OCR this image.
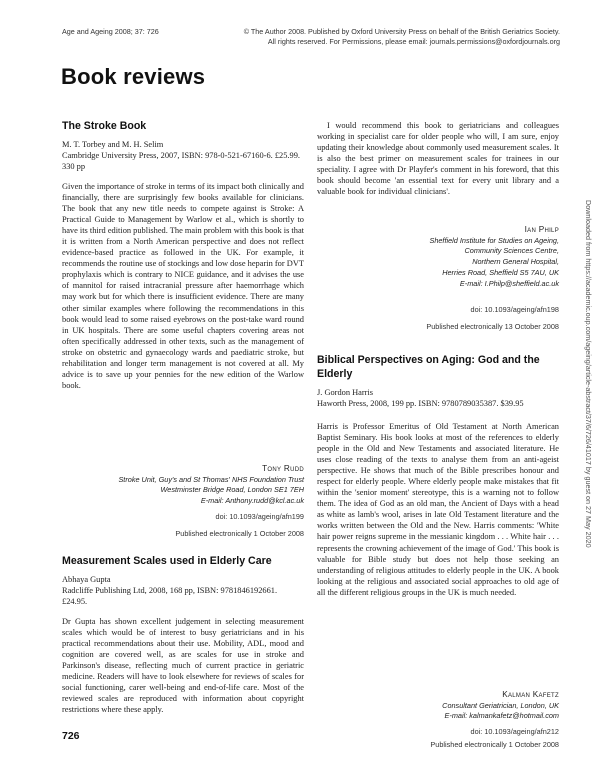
Age and Ageing 2008; 37: 726	© The Author 2008. Published by Oxford University Press on behalf of the British Geriatrics Society.
All rights reserved. For Permissions, please email: journals.permissions@oxfordjournals.org
Book reviews
The Stroke Book
M. T. Torbey and M. H. Selim
Cambridge University Press, 2007, ISBN: 978-0-521-67160-6. £25.99. 330 pp

Given the importance of stroke in terms of its impact both clinically and financially, there are surprisingly few books available for clinicians. The book that any new title needs to compete against is Stroke: A Practical Guide to Management by Warlow et al., which is shortly to have its third edition published. The main problem with this book is that it is written from a North American perspective and does not reflect evidence-based practice as followed in the UK. For example, it recommends the routine use of stockings and low dose heparin for DVT prophylaxis which is contrary to NICE guidance, and it advises the use of mannitol for raised intracranial pressure after haemorrhage which may work but for which there is insufficient evidence. There are many other similar examples where following the recommendations in this book would lead to some raised eyebrows on the post-take ward round in UK hospitals. There are some useful chapters covering areas not often specifically addressed in other texts, such as the management of stroke on obstetric and gynaecology wards and paediatric stroke, but rehabilitation and longer term management is not covered at all. My advice is to save up your pennies for the new edition of the Warlow book.

Tony Rudd
Stroke Unit, Guy's and St Thomas' NHS Foundation Trust
Westminster Bridge Road, London SE1 7EH
E-mail: Anthony.rudd@kcl.ac.uk
doi: 10.1093/ageing/afn199
Published electronically 1 October 2008
Measurement Scales used in Elderly Care
Abhaya Gupta
Radcliffe Publishing Ltd, 2008, 168 pp, ISBN: 9781846192661. £24.95.

Dr Gupta has shown excellent judgement in selecting measurement scales which would be of interest to busy geriatricians and in his practical recommendations about their use. Mobility, ADL, mood and cognition are covered well, as are scales for use in stroke and Parkinson's disease, reflecting much of current practice in geriatric medicine. Readers will have to look elsewhere for reviews of scales for social functioning, carer well-being and end-of-life care. Most of the reviewed scales are reproduced with information about copyright restrictions where these apply.

I would recommend this book to geriatricians and colleagues working in specialist care for older people who will, I am sure, enjoy updating their knowledge about commonly used measurement scales. It is also the best primer on measurement scales for trainees in our speciality. I agree with Dr Playfer's comment in his foreword, that this book should become 'an essential text for every unit library and a valuable book for individual clinicians'.

Ian Philp
Sheffield Institute for Studies on Ageing,
Community Sciences Centre,
Northern General Hospital,
Herries Road, Sheffield S5 7AU, UK
E-mail: I.Philp@sheffield.ac.uk
doi: 10.1093/ageing/afn198
Published electronically 13 October 2008
Biblical Perspectives on Aging: God and the Elderly
J. Gordon Harris
Haworth Press, 2008, 199 pp. ISBN: 9780789035387. $39.95

Harris is Professor Emeritus of Old Testament at North American Baptist Seminary. His book looks at most of the references to elderly people in the Old and New Testaments and associated literature. He uses close reading of the texts to analyse them from an anti-ageist perspective. He shows that much of the Bible prescribes honour and respect for elderly people. Where elderly people make mistakes that fit within the 'senior moment' stereotype, this is a warning not to follow them. The idea of God as an old man, the Ancient of Days with a head as white as lamb's wool, arises in late Old Testament literature and the works written between the Old and the New. Harris comments: 'White hair power reigns supreme in the messianic kingdom . . . White hair . . . represents the crowning achievement of the image of God.' This book is valuable for Bible study but does not help those seeking an understanding of religious attitudes to elderly people in the UK. A book looking at the religious and associated social approaches to old age of all the different religious groups in the UK is much needed.

Kalman Kafetz
Consultant Geriatrician, London, UK
E-mail: kalmankafetz@hotmail.com
doi: 10.1093/ageing/afn212
Published electronically 1 October 2008
Downloaded from https://academic.oup.com/ageing/article-abstract/37/6/726/41017 by guest on 27 May 2020
726
